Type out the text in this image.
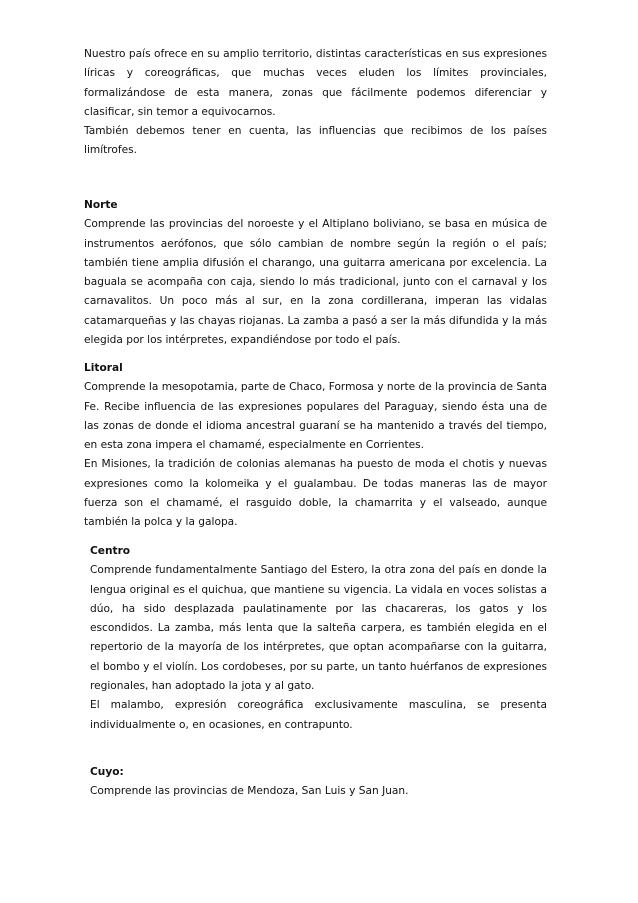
Nuestro país ofrece en su amplio territorio, distintas características en sus expresiones líricas y coreográficas, que muchas veces eluden los límites provinciales, formalizándose de esta manera, zonas que fácilmente podemos diferenciar y clasificar, sin temor a equivocarnos.

También debemos tener en cuenta, las influencias que recibimos de los países limítrofes.

Norte

Comprende las provincias del noroeste y el Altiplano boliviano, se basa en música de instrumentos aerófonos, que sólo cambian de nombre según la región o el país; también tiene amplia difusión el charango, una guitarra americana por excelencia. La baguala se acompaña con caja, siendo lo más tradicional, junto con el carnaval y los carnavalitos. Un poco más al sur, en la zona cordillerana, imperan las vidalas catamarqueñas y las chayas riojanas. La zamba a pasó a ser la más difundida y la más elegida por los intérpretes, expandiéndose por todo el país.

Litoral

Comprende la mesopotamia, parte de Chaco, Formosa y norte de la provincia de Santa Fe. Recibe influencia de las expresiones populares del Paraguay, siendo ésta una de las zonas de donde el idioma ancestral guaraní se ha mantenido a través del tiempo, en esta zona impera el chamamé, especialmente en Corrientes.

En Misiones, la tradición de colonias alemanas ha puesto de moda el chotis y nuevas expresiones como la kolomeika y el gualambau. De todas maneras las de mayor fuerza son el chamamé, el rasguido doble, la chamarrita y el valseado, aunque también la polca y la galopa.

Centro

Comprende fundamentalmente Santiago del Estero, la otra zona del país en donde la lengua original es el quichua, que mantiene su vigencia. La vidala en voces solistas a dúo, ha sido desplazada paulatinamente por las chacareras, los gatos y los escondidos. La zamba, más lenta que la salteña carpera, es también elegida en el repertorio de la mayoría de los intérpretes, que optan acompañarse con la guitarra, el bombo y el violín. Los cordobeses, por su parte, un tanto huérfanos de expresiones regionales, han adoptado la jota y al gato.

El malambo, expresión coreográfica exclusivamente masculina, se presenta individualmente o, en ocasiones, en contrapunto.

Cuyo:

Comprende las provincias de Mendoza, San Luis y San Juan.
